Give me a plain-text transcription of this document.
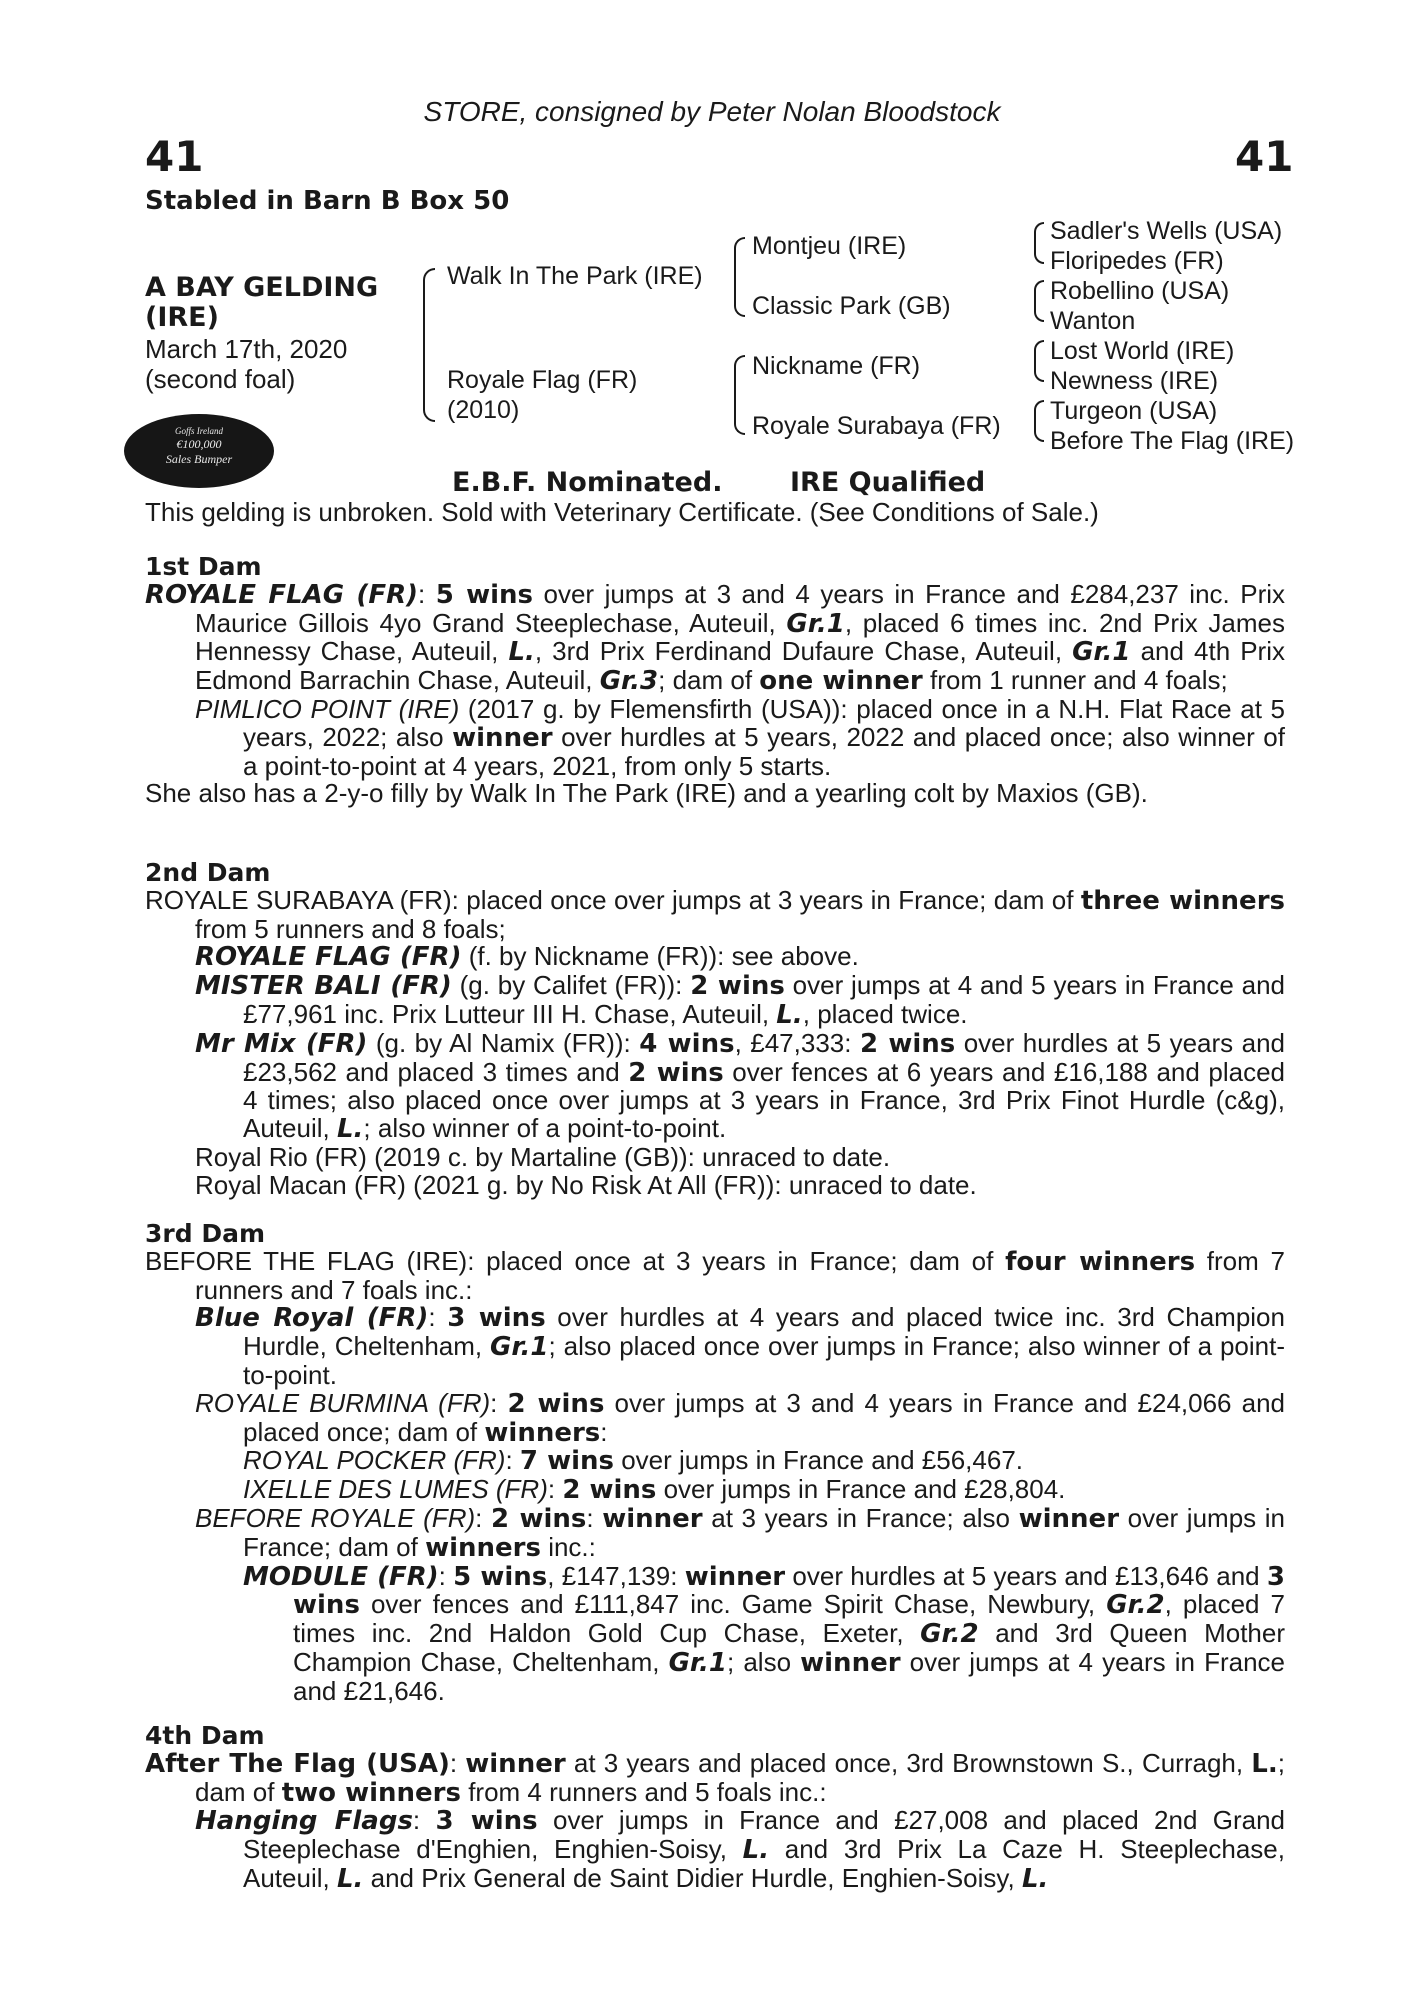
STORE, consigned by Peter Nolan Bloodstock
41	41
Stabled in Barn B Box 50
A BAY GELDING
(IRE)
March 17th, 2020
(second foal)
Goffs Ireland
€100,000
Sales Bumper
Walk In The Park (IRE)
Royale Flag (FR)
(2010)
Montjeu (IRE)
Classic Park (GB)
Nickname (FR)
Royale Surabaya (FR)
Sadler's Wells (USA)
Floripedes (FR)
Robellino (USA)
Wanton
Lost World (IRE)
Newness (IRE)
Turgeon (USA)
Before The Flag (IRE)
E.B.F. Nominated.	IRE Qualified
This gelding is unbroken. Sold with Veterinary Certificate. (See Conditions of Sale.)

1st Dam

ROYALE FLAG (FR): 5 wins over jumps at 3 and 4 years in France and £284,237 inc. Prix Maurice Gillois 4yo Grand Steeplechase, Auteuil, Gr.1, placed 6 times inc. 2nd Prix James Hennessy Chase, Auteuil, L., 3rd Prix Ferdinand Dufaure Chase, Auteuil, Gr.1 and 4th Prix Edmond Barrachin Chase, Auteuil, Gr.3; dam of one winner from 1 runner and 4 foals;

PIMLICO POINT (IRE) (2017 g. by Flemensfirth (USA)): placed once in a N.H. Flat Race at 5 years, 2022; also winner over hurdles at 5 years, 2022 and placed once; also winner of a point-to-point at 4 years, 2021, from only 5 starts.

She also has a 2-y-o filly by Walk In The Park (IRE) and a yearling colt by Maxios (GB).

2nd Dam

ROYALE SURABAYA (FR): placed once over jumps at 3 years in France; dam of three winners from 5 runners and 8 foals;

ROYALE FLAG (FR) (f. by Nickname (FR)): see above.

MISTER BALI (FR) (g. by Califet (FR)): 2 wins over jumps at 4 and 5 years in France and £77,961 inc. Prix Lutteur III H. Chase, Auteuil, L., placed twice.

Mr Mix (FR) (g. by Al Namix (FR)): 4 wins, £47,333: 2 wins over hurdles at 5 years and £23,562 and placed 3 times and 2 wins over fences at 6 years and £16,188 and placed 4 times; also placed once over jumps at 3 years in France, 3rd Prix Finot Hurdle (c&g), Auteuil, L.; also winner of a point-to-point.

Royal Rio (FR) (2019 c. by Martaline (GB)): unraced to date.

Royal Macan (FR) (2021 g. by No Risk At All (FR)): unraced to date.

3rd Dam

BEFORE THE FLAG (IRE): placed once at 3 years in France; dam of four winners from 7 runners and 7 foals inc.:

Blue Royal (FR): 3 wins over hurdles at 4 years and placed twice inc. 3rd Champion Hurdle, Cheltenham, Gr.1; also placed once over jumps in France; also winner of a point-to-point.

ROYALE BURMINA (FR): 2 wins over jumps at 3 and 4 years in France and £24,066 and placed once; dam of winners:

ROYAL POCKER (FR): 7 wins over jumps in France and £56,467.

IXELLE DES LUMES (FR): 2 wins over jumps in France and £28,804.

BEFORE ROYALE (FR): 2 wins: winner at 3 years in France; also winner over jumps in France; dam of winners inc.:

MODULE (FR): 5 wins, £147,139: winner over hurdles at 5 years and £13,646 and 3 wins over fences and £111,847 inc. Game Spirit Chase, Newbury, Gr.2, placed 7 times inc. 2nd Haldon Gold Cup Chase, Exeter, Gr.2 and 3rd Queen Mother Champion Chase, Cheltenham, Gr.1; also winner over jumps at 4 years in France and £21,646.

4th Dam

After The Flag (USA): winner at 3 years and placed once, 3rd Brownstown S., Curragh, L.; dam of two winners from 4 runners and 5 foals inc.:

Hanging Flags: 3 wins over jumps in France and £27,008 and placed 2nd Grand Steeplechase d'Enghien, Enghien-Soisy, L. and 3rd Prix La Caze H. Steeplechase, Auteuil, L. and Prix General de Saint Didier Hurdle, Enghien-Soisy, L.
